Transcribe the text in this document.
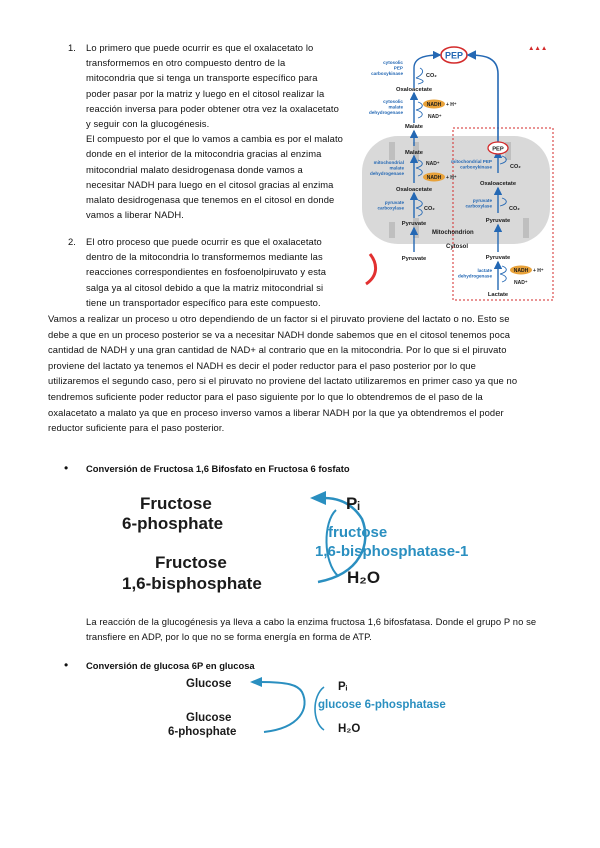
1. Lo primero que puede ocurrir es que el oxalacetato lo
transformemos en otro compuesto dentro de la
mitocondria que si tenga un transporte específico para
poder pasar por la matriz y luego en el citosol realizar la
reacción inversa para poder obtener otra vez la oxalacetato
y seguir con la glucogénesis.
El compuesto por el que lo vamos a cambia es por el malato
donde en el interior de la mitocondria gracias al enzima
mitocondrial malato desidrogenasa donde vamos a
necesitar NADH para luego en el citosol gracias al enzima
malato desidrogenasa que tenemos en el citosol en donde
vamos a liberar NADH.
2. El otro proceso que puede ocurrir es que el oxalacetato
dentro de la mitocondria lo transformemos mediante las
reacciones correspondientes en fosfoenolpiruvato y esta
salga ya al citosol debido a que la matriz mitocondrial si
tiene un transportador específico para este compuesto.
Vamos a realizar un proceso u otro dependiendo de un factor si el piruvato proviene del lactato o no. Esto se
debe a que en un proceso posterior se va a necesitar NADH donde sabemos que en el citosol tenemos poca
cantidad de NADH y una gran cantidad de NAD+ al contrario que en la mitocondria. Por lo que si el piruvato
proviene del lactato ya tenemos el NADH es decir el poder reductor para el paso posterior por lo que
utilizaremos el segundo caso, pero si el piruvato no proviene del lactato utilizaremos en primer caso ya que no
tendremos suficiente poder reductor para el paso siguiente por lo que lo obtendremos de el paso de la
oxalacetato a malato ya que en proceso inverso vamos a liberar NADH por la que ya obtendremos el poder
reductor suficiente para el paso posterior.
• Conversión de Fructosa 1,6 Bifosfato en Fructosa 6 fosfato
Fructose
6-phosphate
Fructose
1,6-bisphosphate
Pᵢ
fructose
1,6-bisphosphatase-1
H₂O
La reacción de la glucogénesis ya lleva a cabo la enzima fructosa 1,6 bifosfatasa. Donde el grupo P no se
transfiere en ADP, por lo que no se forma energía en forma de ATP.
• Conversión de glucosa 6P en glucosa
Glucose
Glucose
6-phosphate
Pᵢ
glucose 6-phosphatase
H₂O
PEP
▲▲▲
cytosolic
PEP
carboxykinase	CO₂
Oxaloacetate
cytosolic
malate
dehydrogenase
NADH + H⁺
NAD⁺
Malate
Malate
mitochondrial
malate
dehydrogenase
NAD⁺
NADH + H⁺
Oxaloacetate
pyruvate
carboxylase	CO₂
Pyruvate
Mitochondrion
Cytosol
Pyruvate
PEP
mitochondrial PEP
carboxykinase	CO₂
Oxaloacetate
pyruvate
carboxylase	CO₂
Pyruvate
Pyruvate
lactate
dehydrogenase
NADH + H⁺
NAD⁺
Lactate
